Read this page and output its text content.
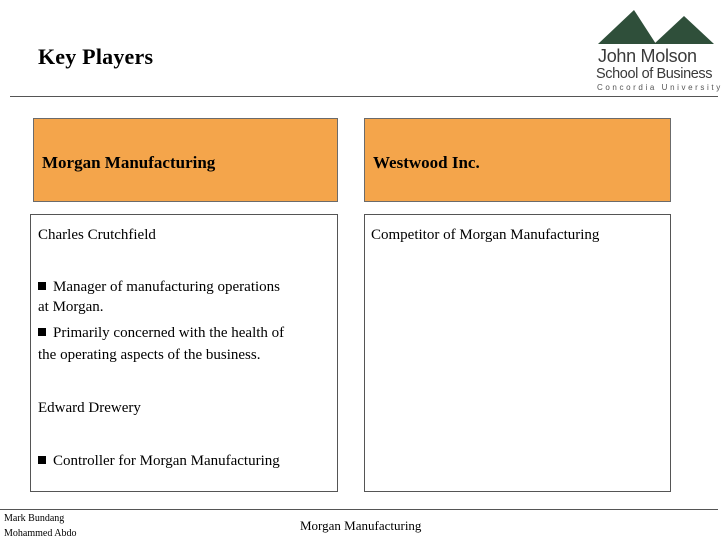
Key Players	John Molson
School of Business
Concordia University
Morgan Manufacturing	Westwood Inc.
Charles Crutchfield
Manager of manufacturing operations
at Morgan.
Primarily concerned with the health of
the operating aspects of the business.
Edward Drewery
Controller for Morgan Manufacturing
Competitor of Morgan Manufacturing
Mark Bundang
Mohammed Abdo
Morgan Manufacturing
